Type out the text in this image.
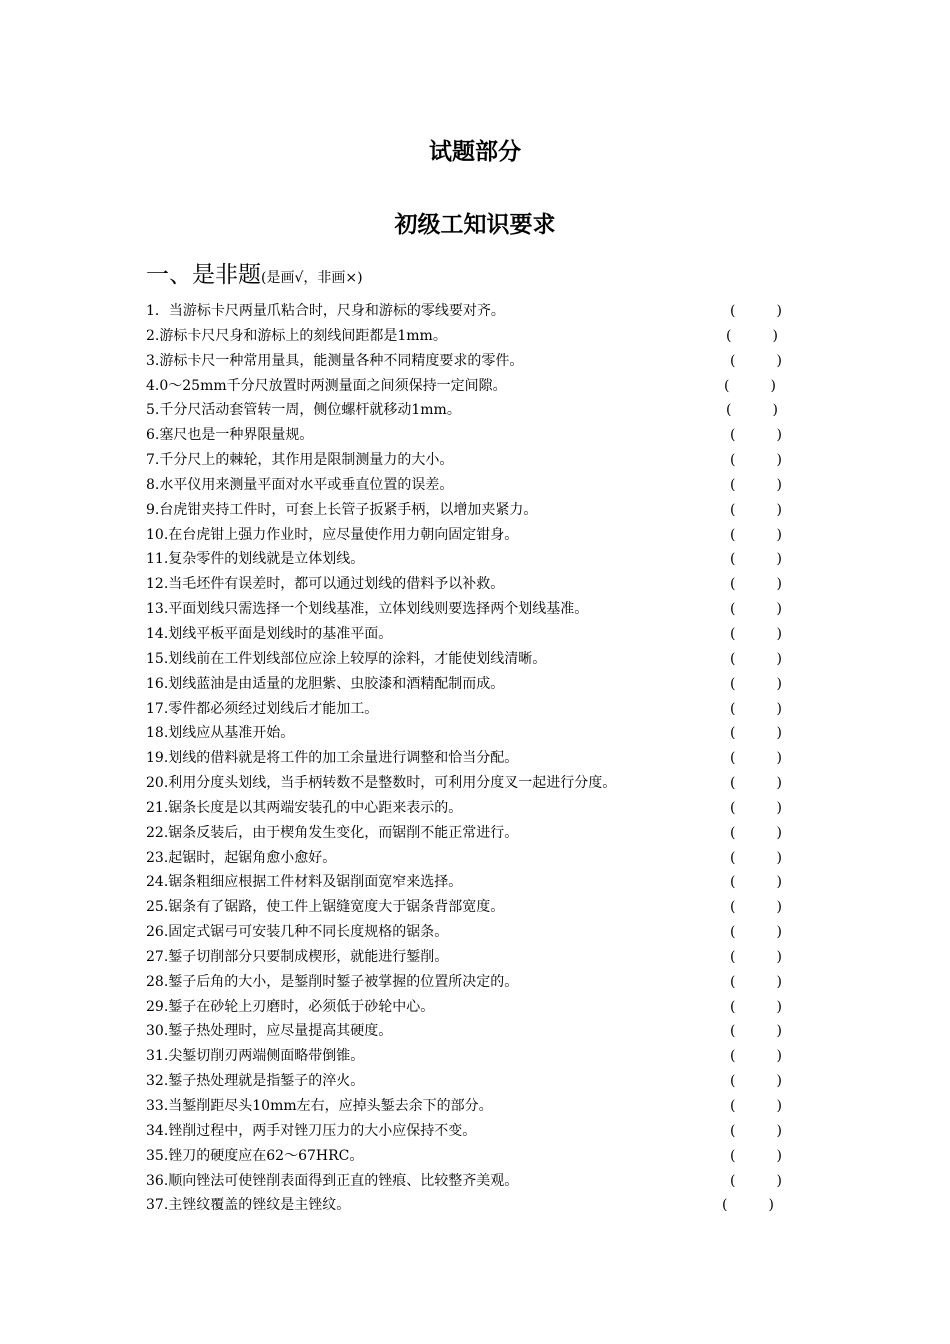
试题部分
初级工知识要求
一、是非题(是画√，非画×)
1．当游标卡尺两量爪粘合时，尺身和游标的零线要对齐。	(	)
2.游标卡尺尺身和游标上的刻线间距都是1mm。	(	)
3.游标卡尺一种常用量具，能测量各种不同精度要求的零件。	(	)
4.0～25mm千分尺放置时两测量面之间须保持一定间隙。	(	)
5.千分尺活动套管转一周，侧位螺杆就移动1mm。	(	)
6.塞尺也是一种界限量规。	(	)
7.千分尺上的棘轮，其作用是限制测量力的大小。	(	)
8.水平仪用来测量平面对水平或垂直位置的误差。	(	)
9.台虎钳夹持工件时，可套上长管子扳紧手柄，以增加夹紧力。	(	)
10.在台虎钳上强力作业时，应尽量使作用力朝向固定钳身。	(	)
11.复杂零件的划线就是立体划线。	(	)
12.当毛坯件有误差时，都可以通过划线的借料予以补救。	(	)
13.平面划线只需选择一个划线基准，立体划线则要选择两个划线基准。	(	)
14.划线平板平面是划线时的基准平面。	(	)
15.划线前在工件划线部位应涂上较厚的涂料，才能使划线清晰。	(	)
16.划线蓝油是由适量的龙胆紫、虫胶漆和酒精配制而成。	(	)
17.零件都必须经过划线后才能加工。	(	)
18.划线应从基准开始。	(	)
19.划线的借料就是将工件的加工余量进行调整和恰当分配。	(	)
20.利用分度头划线，当手柄转数不是整数时，可利用分度叉一起进行分度。	(	)
21.锯条长度是以其两端安装孔的中心距来表示的。	(	)
22.锯条反装后，由于楔角发生变化，而锯削不能正常进行。	(	)
23.起锯时，起锯角愈小愈好。	(	)
24.锯条粗细应根据工件材料及锯削面宽窄来选择。	(	)
25.锯条有了锯路，使工件上锯缝宽度大于锯条背部宽度。	(	)
26.固定式锯弓可安装几种不同长度规格的锯条。	(	)
27.錾子切削部分只要制成楔形，就能进行錾削。	(	)
28.錾子后角的大小，是錾削时錾子被掌握的位置所决定的。	(	)
29.錾子在砂轮上刃磨时，必须低于砂轮中心。	(	)
30.錾子热处理时，应尽量提高其硬度。	(	)
31.尖錾切削刃两端侧面略带倒锥。	(	)
32.錾子热处理就是指錾子的淬火。	(	)
33.当錾削距尽头10mm左右，应掉头錾去余下的部分。	(	)
34.锉削过程中，两手对锉刀压力的大小应保持不变。	(	)
35.锉刀的硬度应在62～67HRC。	(	)
36.顺向锉法可使锉削表面得到正直的锉痕、比较整齐美观。	(	)
37.主锉纹覆盖的锉纹是主锉纹。	(	)
